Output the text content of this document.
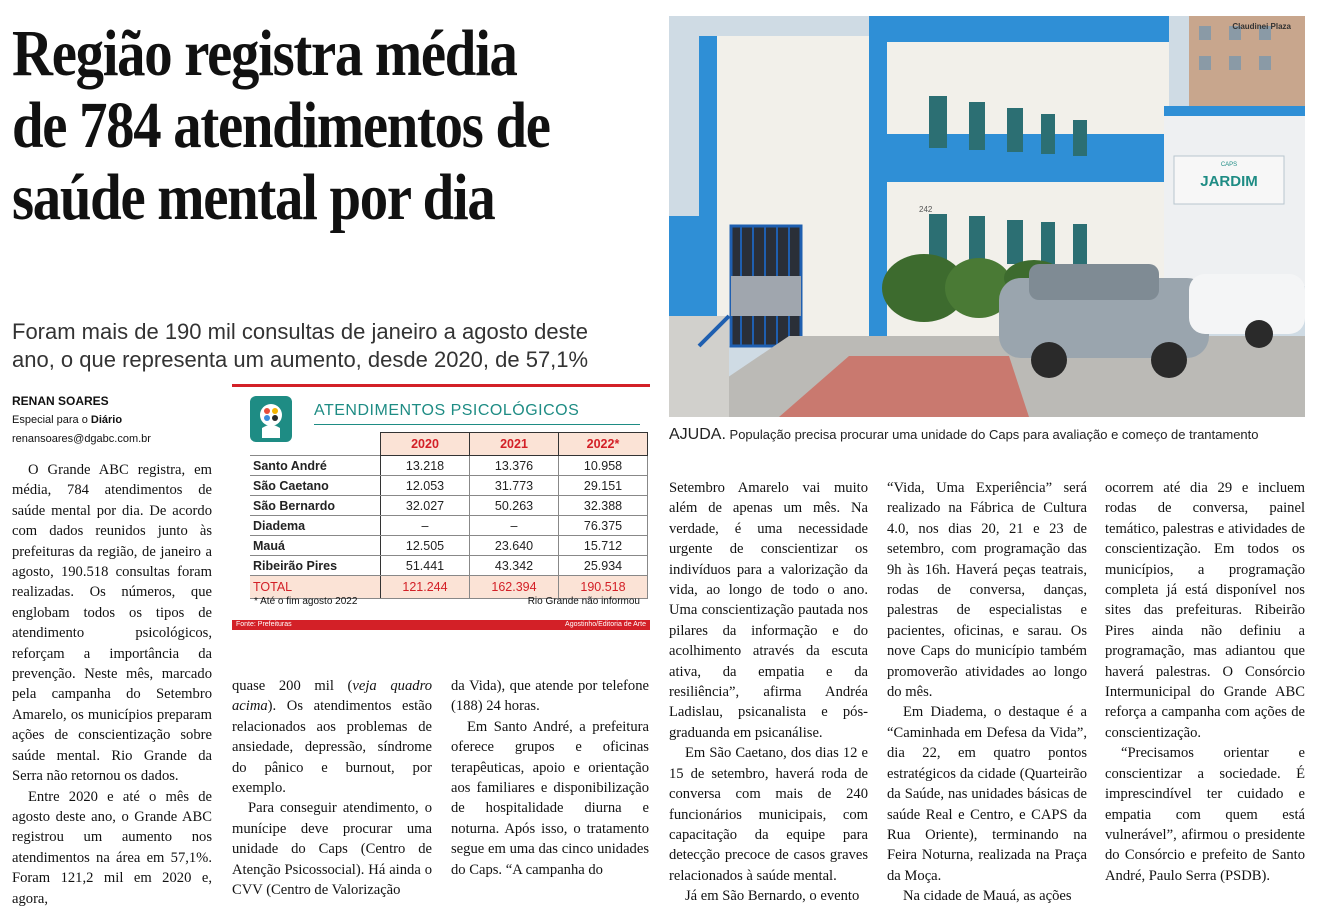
Região registra média
de 784 atendimentos de
saúde mental por dia
Foram mais de 190 mil consultas de janeiro a agosto deste
ano, o que representa um aumento, desde 2020, de 57,1%
RENAN SOARES
Especial para o Diário
renansoares@dgabc.com.br

O Grande ABC registra, em média, 784 atendimentos de saúde mental por dia. De acordo com dados reunidos junto às prefeituras da região, de janeiro a agosto, 190.518 consultas foram realizadas. Os números, que englobam todos os tipos de atendimento psicológicos, reforçam a importância da prevenção. Neste mês, marcado pela campanha do Setembro Amarelo, os municípios preparam ações de conscientização sobre saúde mental. Rio Grande da Serra não retornou os dados.

Entre 2020 e até o mês de agosto deste ano, o Grande ABC registrou um aumento nos atendimentos na área em 57,1%. Foram 121,2 mil em 2020 e, agora,

ATENDIMENTOS PSICOLÓGICOS
	2020	2021	2022*
Santo André	13.218	13.376	10.958
São Caetano	12.053	31.773	29.151
São Bernardo	32.027	50.263	32.388
Diadema	–	–	76.375
Mauá	12.505	23.640	15.712
Ribeirão Pires	51.441	43.342	25.934
TOTAL	121.244	162.394	190.518
* Até o fim agosto 2022	Rio Grande não informou
Fonte: Prefeituras	Agostinho/Editoria de Arte

quase 200 mil (veja quadro acima). Os atendimentos estão relacionados aos problemas de ansiedade, depressão, síndrome do pânico e burnout, por exemplo.

Para conseguir atendimento, o munícipe deve procurar uma unidade do Caps (Centro de Atenção Psicossocial). Há ainda o CVV (Centro de Valorização

da Vida), que atende por telefone (188) 24 horas.

Em Santo André, a prefeitura oferece grupos e oficinas terapêuticas, apoio e orientação aos familiares e disponibilização de hospitalidade diurna e noturna. Após isso, o tratamento segue em uma das cinco unidades do Caps. “A campanha do

CAPS
JARDIM
242
Claudinei Plaza
AJUDA. População precisa procurar uma unidade do Caps para avaliação e começo de trantamento

Setembro Amarelo vai muito além de apenas um mês. Na verdade, é uma necessidade urgente de conscientizar os indivíduos para a valorização da vida, ao longo de todo o ano. Uma conscientização pautada nos pilares da informação e do acolhimento através da escuta ativa, da empatia e da resiliência”, afirma Andréa Ladislau, psicanalista e pós-graduanda em psicanálise.

Em São Caetano, dos dias 12 e 15 de setembro, haverá roda de conversa com mais de 240 funcionários municipais, com capacitação da equipe para detecção precoce de casos graves relacionados à saúde mental.

Já em São Bernardo, o evento

“Vida, Uma Experiência” será realizado na Fábrica de Cultura 4.0, nos dias 20, 21 e 23 de setembro, com programação das 9h às 16h. Haverá peças teatrais, rodas de conversa, danças, palestras de especialistas e pacientes, oficinas, e sarau. Os nove Caps do município também promoverão atividades ao longo do mês.

Em Diadema, o destaque é a “Caminhada em Defesa da Vida”, dia 22, em quatro pontos estratégicos da cidade (Quarteirão da Saúde, nas unidades básicas de saúde Real e Centro, e CAPS da Rua Oriente), terminando na Feira Noturna, realizada na Praça da Moça.

Na cidade de Mauá, as ações

ocorrem até dia 29 e incluem rodas de conversa, painel temático, palestras e atividades de conscientização. Em todos os municípios, a programação completa já está disponível nos sites das prefeituras. Ribeirão Pires ainda não definiu a programação, mas adiantou que haverá palestras. O Consórcio Intermunicipal do Grande ABC reforça a campanha com ações de conscientização.

“Precisamos orientar e conscientizar a sociedade. É imprescindível ter cuidado e empatia com quem está vulnerável”, afirmou o presidente do Consórcio e prefeito de Santo André, Paulo Serra (PSDB).
